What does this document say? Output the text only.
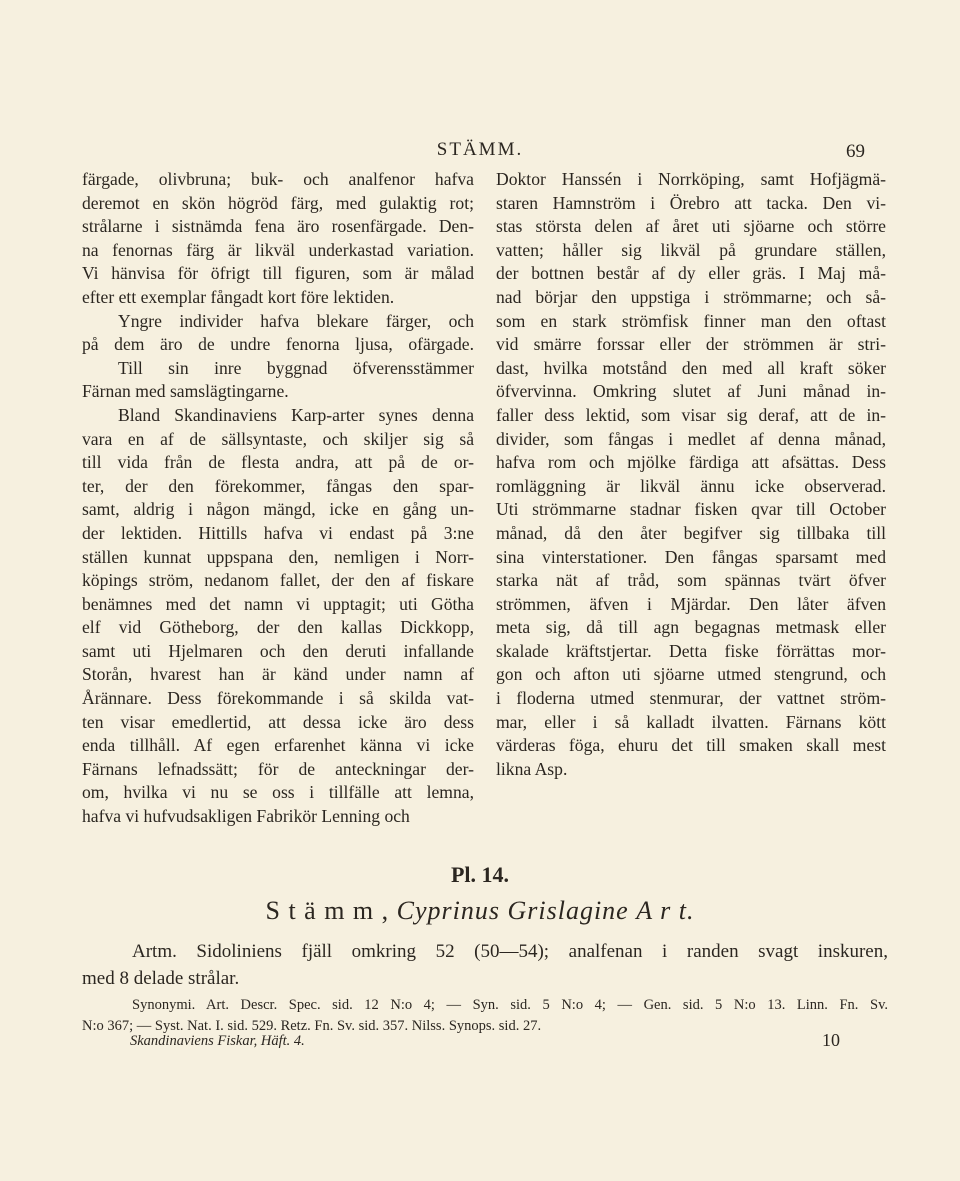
STÄMM.	69
färgade, olivbruna; buk- och analfenor hafva
deremot en skön högröd färg, med gulaktig rot;
strålarne i sistnämda fena äro rosenfärgade. Den-
na fenornas färg är likväl underkastad variation.
Vi hänvisa för öfrigt till figuren, som är målad
efter ett exemplar fångadt kort före lektiden.
Yngre individer hafva blekare färger, och
på dem äro de undre fenorna ljusa, ofärgade.
Till sin inre byggnad öfverensstämmer
Färnan med samslägtingarne.
Bland Skandinaviens Karp-arter synes denna
vara en af de sällsyntaste, och skiljer sig så
till vida från de flesta andra, att på de or-
ter, der den förekommer, fångas den spar-
samt, aldrig i någon mängd, icke en gång un-
der lektiden. Hittills hafva vi endast på 3:ne
ställen kunnat uppspana den, nemligen i Norr-
köpings ström, nedanom fallet, der den af fiskare
benämnes med det namn vi upptagit; uti Götha
elf vid Götheborg, der den kallas Dickkopp,
samt uti Hjelmaren och den deruti infallande
Storån, hvarest han är känd under namn af
Årännare. Dess förekommande i så skilda vat-
ten visar emedlertid, att dessa icke äro dess
enda tillhåll. Af egen erfarenhet känna vi icke
Färnans lefnadssätt; för de anteckningar der-
om, hvilka vi nu se oss i tillfälle att lemna,
hafva vi hufvudsakligen Fabrikör Lenning och
Doktor Hanssén i Norrköping, samt Hofjägmä-
staren Hamnström i Örebro att tacka. Den vi-
stas största delen af året uti sjöarne och större
vatten; håller sig likväl på grundare ställen,
der bottnen består af dy eller gräs. I Maj må-
nad börjar den uppstiga i strömmarne; och så-
som en stark strömfisk finner man den oftast
vid smärre forssar eller der strömmen är stri-
dast, hvilka motstånd den med all kraft söker
öfvervinna. Omkring slutet af Juni månad in-
faller dess lektid, som visar sig deraf, att de in-
divider, som fångas i medlet af denna månad,
hafva rom och mjölke färdiga att afsättas. Dess
romläggning är likväl ännu icke observerad.
Uti strömmarne stadnar fisken qvar till October
månad, då den åter begifver sig tillbaka till
sina vinterstationer. Den fångas sparsamt med
starka nät af tråd, som spännas tvärt öfver
strömmen, äfven i Mjärdar. Den låter äfven
meta sig, då till agn begagnas metmask eller
skalade kräftstjertar. Detta fiske förrättas mor-
gon och afton uti sjöarne utmed stengrund, och
i floderna utmed stenmurar, der vattnet ström-
mar, eller i så kalladt ilvatten. Färnans kött
värderas föga, ehuru det till smaken skall mest
likna Asp.
Pl. 14.
S t ä m m , Cyprinus Grislagine A r t.
Artm. Sidoliniens fjäll omkring 52 (50—54); analfenan i randen svagt inskuren,
med 8 delade strålar.
Synonymi. Art. Descr. Spec. sid. 12 N:o 4; — Syn. sid. 5 N:o 4; — Gen. sid. 5 N:o 13. Linn. Fn. Sv.
N:o 367; — Syst. Nat. I. sid. 529. Retz. Fn. Sv. sid. 357. Nilss. Synops. sid. 27.
Skandinaviens Fiskar, Häft. 4.	10
